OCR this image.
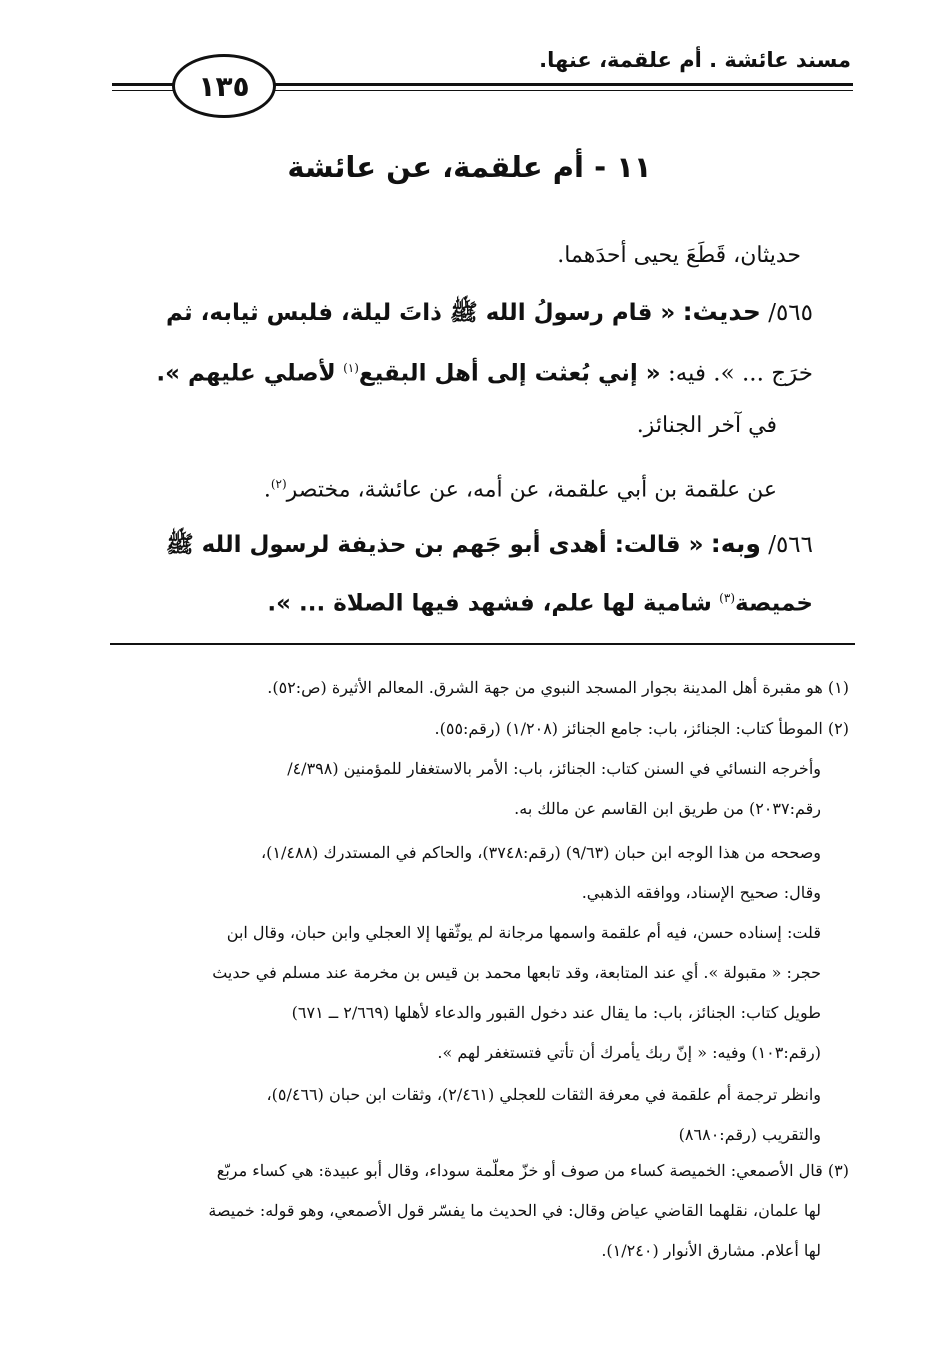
مسند عائشة . أم علقمة، عنها.
١٣٥
١١ - أم علقمة، عن عائشة
حديثان، قَطَعَ يحيى أحدَهما.
٥٦٥/ حديث: « قام رسولُ الله ﷺ ذاتَ ليلة، فلبس ثيابه، ثم
خرَج ... ». فيه: « إني بُعثت إلى أهل البقيع$^{(١)}$ لأصلي عليهم ».
في آخر الجنائز.
عن علقمة بن أبي علقمة، عن أمه، عن عائشة، مختصر$^{(٢)}$.
٥٦٦/ وبه: « قالت: أهدى أبو جَهم بن حذيفة لرسول الله ﷺ
خميصة$^{(٣)}$ شامية لها علم، فشهد فيها الصلاة ... ».
(١) هو مقبرة أهل المدينة بجوار المسجد النبوي من جهة الشرق. المعالم الأثيرة (ص:٥٢).
(٢) الموطأ كتاب: الجنائز، باب: جامع الجنائز (١/٢٠٨) (رقم:٥٥).
وأخرجه النسائي في السنن كتاب: الجنائز، باب: الأمر بالاستغفار للمؤمنين (٤/٣٩٨/
رقم:٢٠٣٧) من طريق ابن القاسم عن مالك به.
وصححه من هذا الوجه ابن حبان (٩/٦٣) (رقم:٣٧٤٨)، والحاكم في المستدرك (١/٤٨٨)،
وقال: صحيح الإسناد، ووافقه الذهبي.
قلت: إسناده حسن، فيه أم علقمة واسمها مرجانة لم يوثّقها إلا العجلي وابن حبان، وقال ابن
حجر: « مقبولة ». أي عند المتابعة، وقد تابعها محمد بن قيس بن مخرمة عند مسلم في حديث
طويل كتاب: الجنائز، باب: ما يقال عند دخول القبور والدعاء لأهلها (٢/٦٦٩ ــ ٦٧١)
(رقم:١٠٣) وفيه: « إنّ ربك يأمرك أن تأتي فتستغفر لهم ».
وانظر ترجمة أم علقمة في معرفة الثقات للعجلي (٢/٤٦١)، وثقات ابن حبان (٥/٤٦٦)،
والتقريب (رقم:٨٦٨٠)
(٣) قال الأصمعي: الخميصة كساء من صوف أو خزّ معلّمة سوداء، وقال أبو عبيدة: هي كساء مربّع
لها علمان، نقلهما القاضي عياض وقال: في الحديث ما يفسّر قول الأصمعي، وهو قوله: خميصة
لها أعلام. مشارق الأنوار (١/٢٤٠).
